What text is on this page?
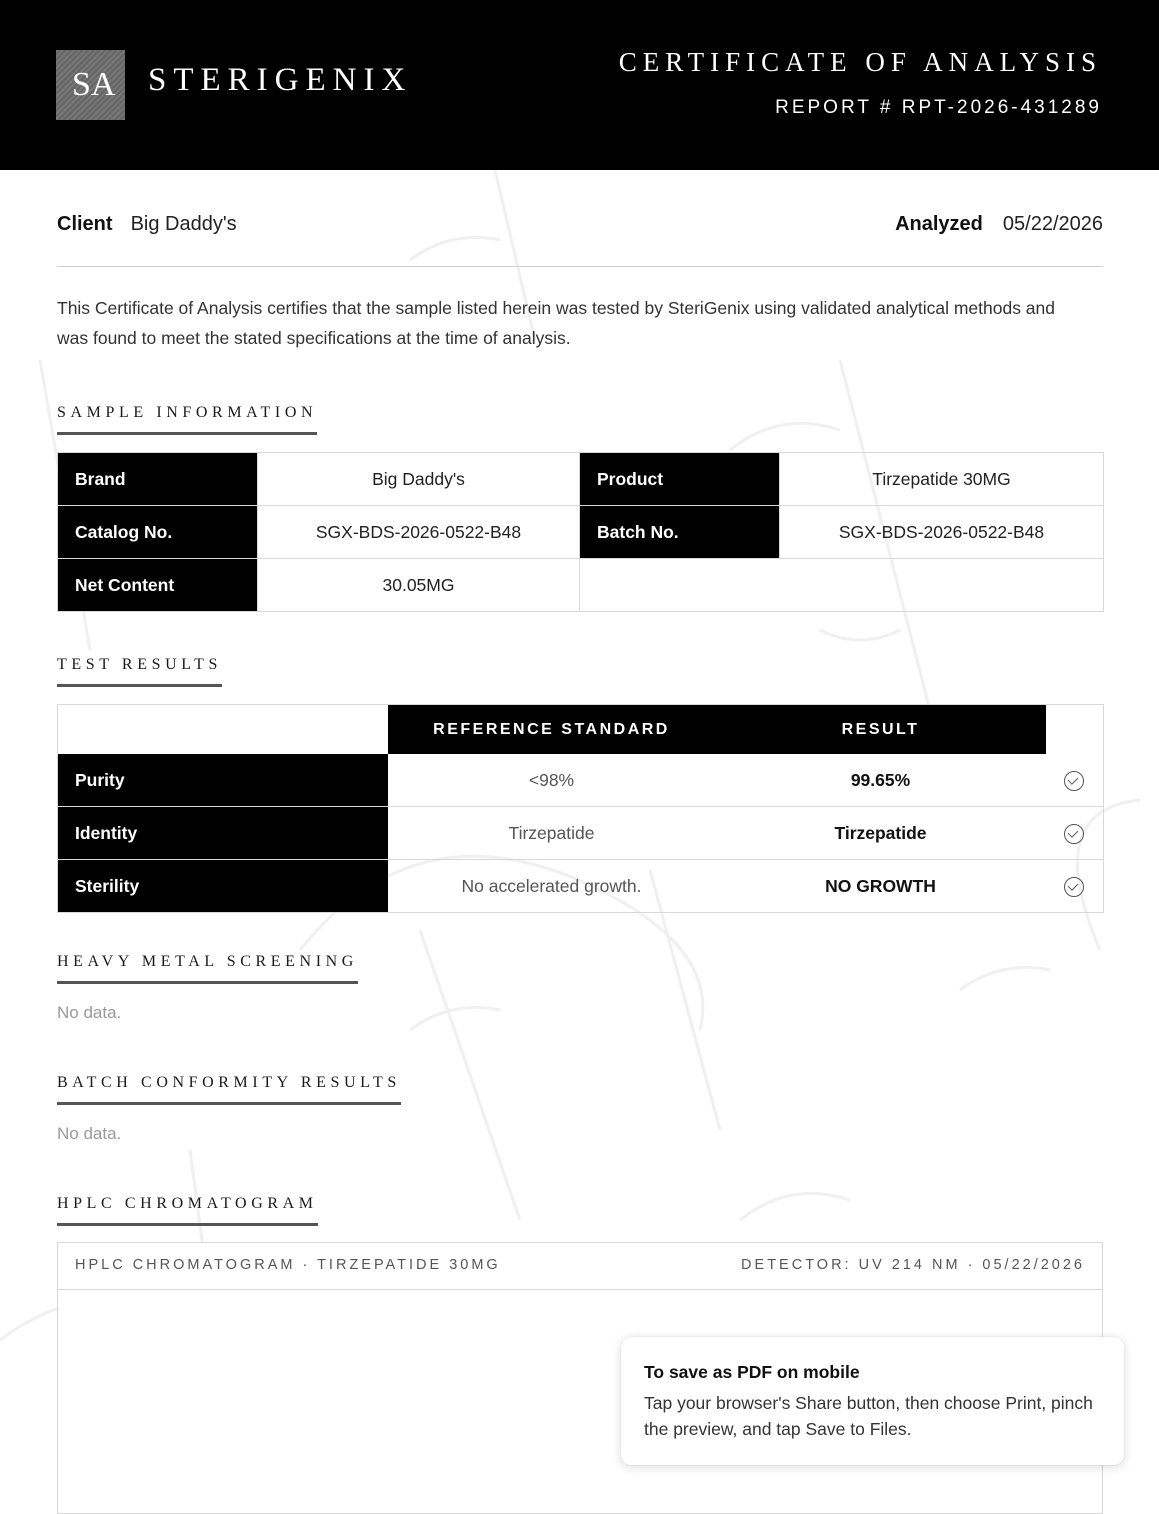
SA STERIGENIX	CERTIFICATE OF ANALYSIS
REPORT # RPT-2026-431289
Client Big Daddy's	Analyzed 05/22/2026
This Certificate of Analysis certifies that the sample listed herein was tested by SteriGenix using validated analytical methods and was found to meet the stated specifications at the time of analysis.
SAMPLE INFORMATION
Brand	Big Daddy's	Product	Tirzepatide 30MG
Catalog No.	SGX-BDS-2026-0522-B48	Batch No.	SGX-BDS-2026-0522-B48
Net Content	30.05MG		
TEST RESULTS
	REFERENCE STANDARD	RESULT	
Purity	<98%	99.65%	
Identity	Tirzepatide	Tirzepatide	
Sterility	No accelerated growth.	NO GROWTH	
HEAVY METAL SCREENING
No data.
BATCH CONFORMITY RESULTS
No data.
HPLC CHROMATOGRAM
HPLC CHROMATOGRAM · TIRZEPATIDE 30MG	DETECTOR: UV 214 NM · 05/22/2026
To save as PDF on mobile
Tap your browser's Share button, then choose Print, pinch the preview, and tap Save to Files.
